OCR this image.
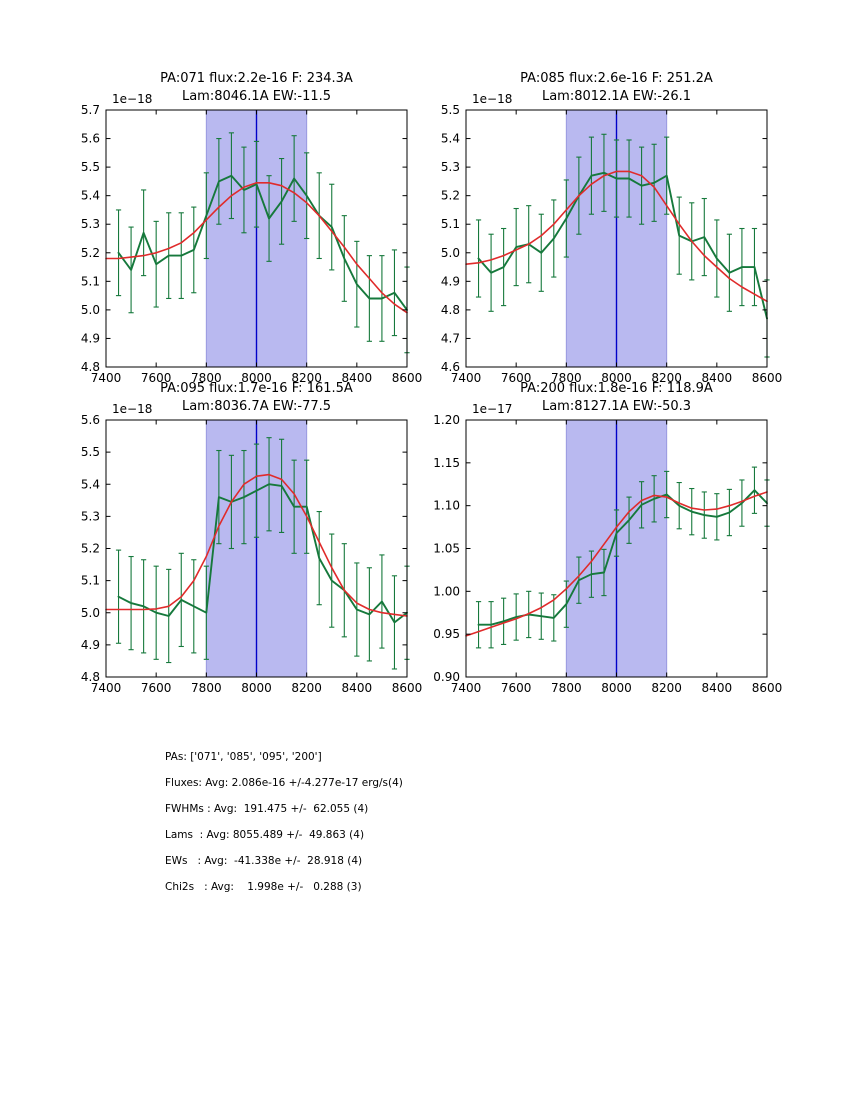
PA:071 flux:2.2e-16 F: 234.3A
Lam:8046.1A EW:-11.5
1e−18
7400 7600 7800 8000 8200 8400 8600
4.8
4.9
5.0
5.1
5.2
5.3
5.4
5.5
5.6
5.7
PA:085 flux:2.6e-16 F: 251.2A
Lam:8012.1A EW:-26.1
1e−18
7400 7600 7800 8000 8200 8400 8600
4.6
4.7
4.8
4.9
5.0
5.1
5.2
5.3
5.4
5.5
PA:095 flux:1.7e-16 F: 161.5A
Lam:8036.7A EW:-77.5
1e−18
7400 7600 7800 8000 8200 8400 8600
4.8
4.9
5.0
5.1
5.2
5.3
5.4
5.5
5.6
PA:200 flux:1.8e-16 F: 118.9A
Lam:8127.1A EW:-50.3
1e−17
7400 7600 7800 8000 8200 8400 8600
0.90
0.95
1.00
1.05
1.10
1.15
1.20
PAs: ['071', '085', '095', '200']
Fluxes: Avg: 2.086e-16 +/-4.277e-17 erg/s(4)
FWHMs : Avg:  191.475 +/-  62.055 (4)
Lams  : Avg: 8055.489 +/-  49.863 (4)
EWs   : Avg:  -41.338e +/-  28.918 (4)
Chi2s   : Avg:    1.998e +/-   0.288 (3)
